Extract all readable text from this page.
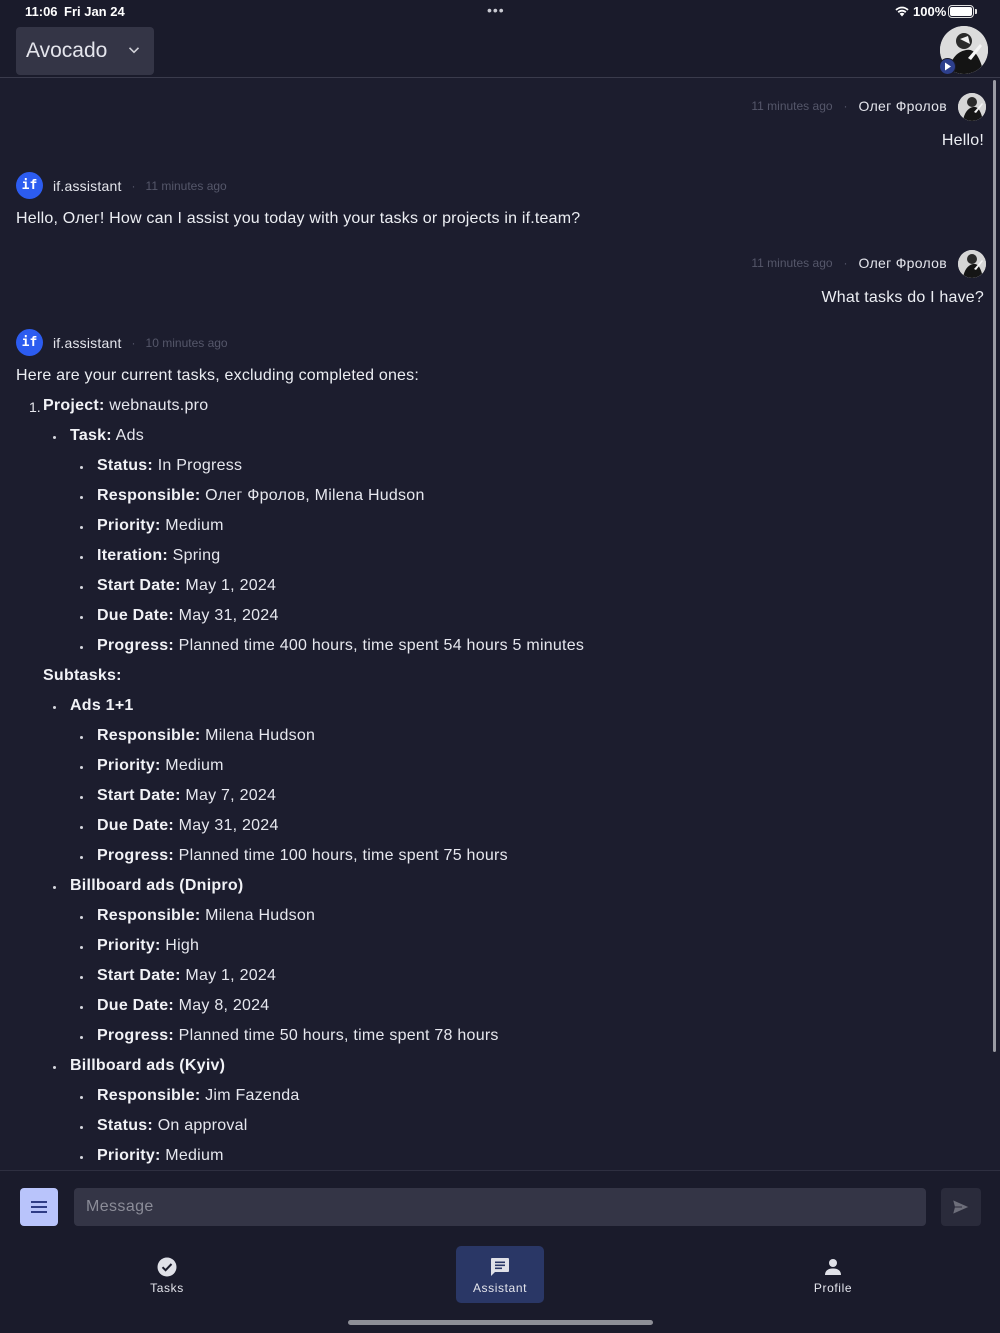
11:06 Fri Jan 24	•••	100%
Avocado
11 minutes ago · Олег Фролов
Hello!
if	if.assistant · 11 minutes ago
Hello, Олег! How can I assist you today with your tasks or projects in if.team?
11 minutes ago · Олег Фролов
What tasks do I have?
if	if.assistant · 10 minutes ago
Here are your current tasks, excluding completed ones:
1. Project: webnauts.pro
Task: Ads
Status: In Progress
Responsible: Олег Фролов, Milena Hudson
Priority: Medium
Iteration: Spring
Start Date: May 1, 2024
Due Date: May 31, 2024
Progress: Planned time 400 hours, time spent 54 hours 5 minutes
Subtasks:
Ads 1+1
Responsible: Milena Hudson
Priority: Medium
Start Date: May 7, 2024
Due Date: May 31, 2024
Progress: Planned time 100 hours, time spent 75 hours
Billboard ads (Dnipro)
Responsible: Milena Hudson
Priority: High
Start Date: May 1, 2024
Due Date: May 8, 2024
Progress: Planned time 50 hours, time spent 78 hours
Billboard ads (Kyiv)
Responsible: Jim Fazenda
Status: On approval
Priority: Medium
Message
Tasks	Assistant	Profile
